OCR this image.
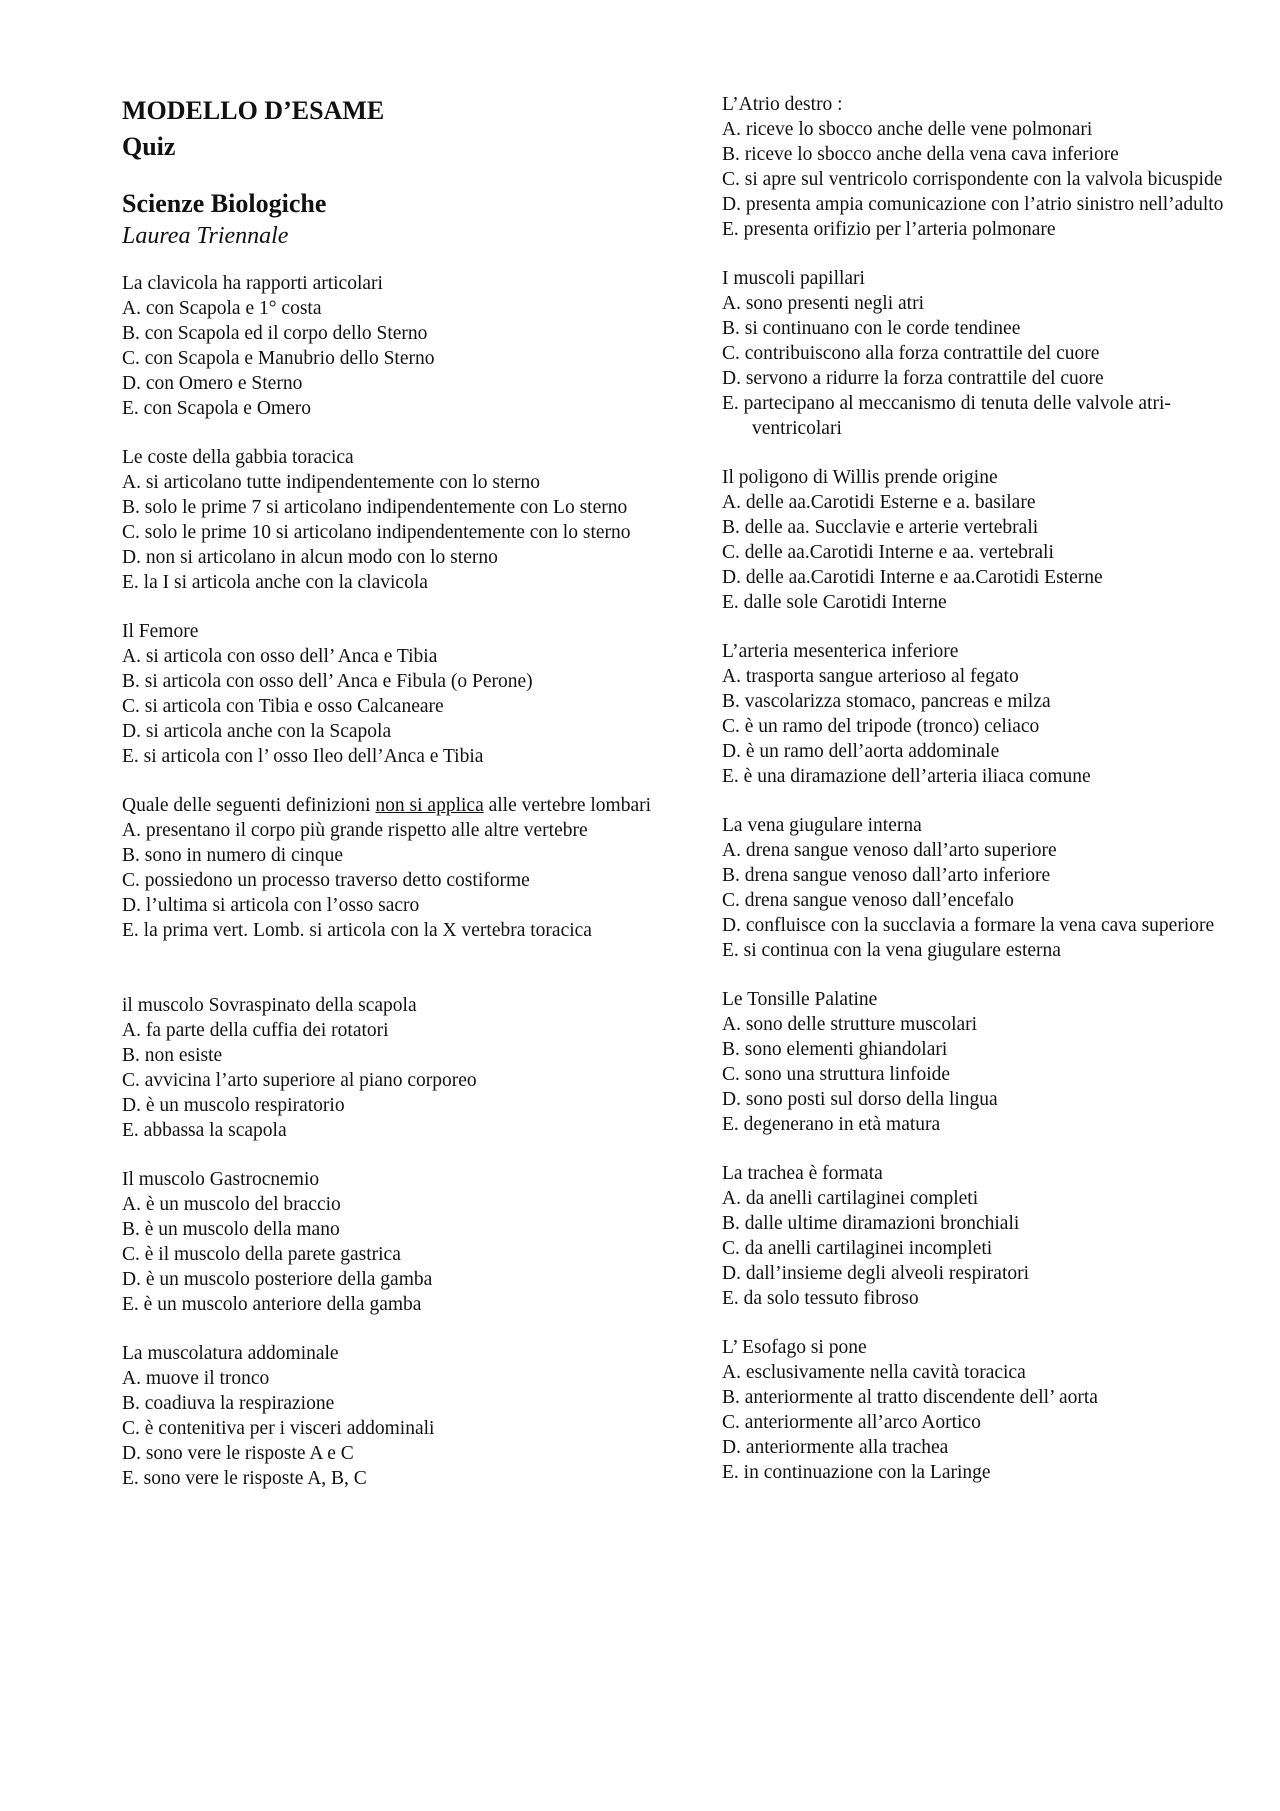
MODELLO D’ESAME
Quiz
Scienze Biologiche
Laurea Triennale
La clavicola ha rapporti articolari
A. con Scapola e 1° costa
B. con Scapola ed il corpo dello Sterno
C. con Scapola e Manubrio dello Sterno
D. con Omero e Sterno
E. con Scapola e Omero
Le coste della gabbia toracica
A. si articolano tutte indipendentemente con lo sterno
B. solo le prime 7 si articolano indipendentemente con Lo sterno
C. solo le prime 10 si articolano indipendentemente con lo sterno
D. non si articolano in alcun modo con lo sterno
E. la I si articola anche con la clavicola
Il Femore
A. si articola con osso dell’ Anca e Tibia
B. si articola con osso dell’ Anca e Fibula (o Perone)
C. si articola con Tibia e osso Calcaneare
D. si articola anche con la Scapola
E. si articola con l’ osso Ileo dell’Anca e Tibia
Quale delle seguenti definizioni non si applica alle vertebre lombari
A. presentano il corpo più grande rispetto alle altre vertebre
B. sono in numero di cinque
C. possiedono un processo traverso detto costiforme
D. l’ultima si articola con l’osso sacro
E. la prima vert. Lomb. si articola con la X vertebra toracica
il muscolo Sovraspinato della scapola
A. fa parte della cuffia dei rotatori
B. non esiste
C. avvicina l’arto superiore al piano corporeo
D. è un muscolo respiratorio
E. abbassa la scapola
Il muscolo Gastrocnemio
A. è un muscolo del braccio
B. è un muscolo della mano
C. è il muscolo della parete gastrica
D. è un muscolo posteriore della gamba
E. è un muscolo anteriore della gamba
La muscolatura addominale
A. muove il tronco
B. coadiuva la respirazione
C. è contenitiva per i visceri addominali
D. sono vere le risposte A e C
E. sono vere le risposte A, B, C
L’Atrio destro :
A. riceve lo sbocco anche delle vene polmonari
B. riceve lo sbocco anche della vena cava inferiore
C. si apre sul ventricolo corrispondente con la valvola bicuspide
D. presenta ampia comunicazione con l’atrio sinistro nell’adulto
E. presenta orifizio per l’arteria polmonare
I muscoli papillari
A. sono presenti negli atri
B. si continuano con le corde tendinee
C. contribuiscono alla forza contrattile del cuore
D. servono a ridurre la forza contrattile del cuore
E. partecipano al meccanismo di tenuta delle valvole atri-ventricolari
Il poligono di Willis prende origine
A. delle aa.Carotidi Esterne e a. basilare
B. delle aa. Succlavie e arterie vertebrali
C. delle aa.Carotidi Interne e aa. vertebrali
D. delle aa.Carotidi Interne e aa.Carotidi Esterne
E. dalle sole Carotidi Interne
L’arteria mesenterica inferiore
A. trasporta sangue arterioso al fegato
B. vascolarizza stomaco, pancreas e milza
C. è un ramo del tripode (tronco) celiaco
D. è un ramo dell’aorta addominale
E. è una diramazione dell’arteria iliaca comune
La vena giugulare interna
A. drena sangue venoso dall’arto superiore
B. drena sangue venoso dall’arto inferiore
C. drena sangue venoso dall’encefalo
D. confluisce con la succlavia a formare la vena cava superiore
E. si continua con la vena giugulare esterna
Le Tonsille Palatine
A. sono delle strutture muscolari
B. sono elementi ghiandolari
C. sono una struttura linfoide
D. sono posti sul dorso della lingua
E. degenerano in età matura
La trachea è formata
A. da anelli cartilaginei completi
B. dalle ultime diramazioni bronchiali
C. da anelli cartilaginei incompleti
D. dall’insieme degli alveoli respiratori
E. da solo tessuto fibroso
L’ Esofago si pone
A. esclusivamente nella cavità toracica
B. anteriormente al tratto discendente dell’ aorta
C. anteriormente all’arco Aortico
D. anteriormente alla trachea
E. in continuazione con la Laringe
